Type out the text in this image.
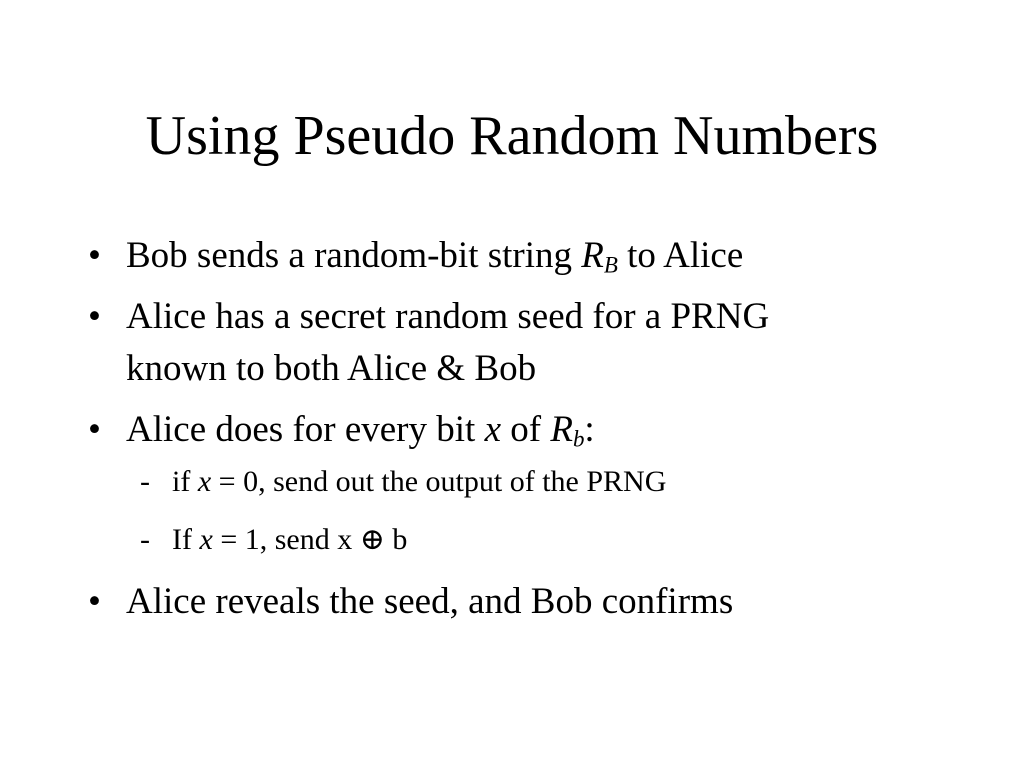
Using Pseudo Random Numbers
• Bob sends a random-bit string $R_B$ to Alice
• Alice has a secret random seed for a PRNG
known to both Alice & Bob
• Alice does for every bit x of $R_b$:
- if x = 0, send out the output of the PRNG
- If x = 1, send x ⊕ b
• Alice reveals the seed, and Bob confirms
